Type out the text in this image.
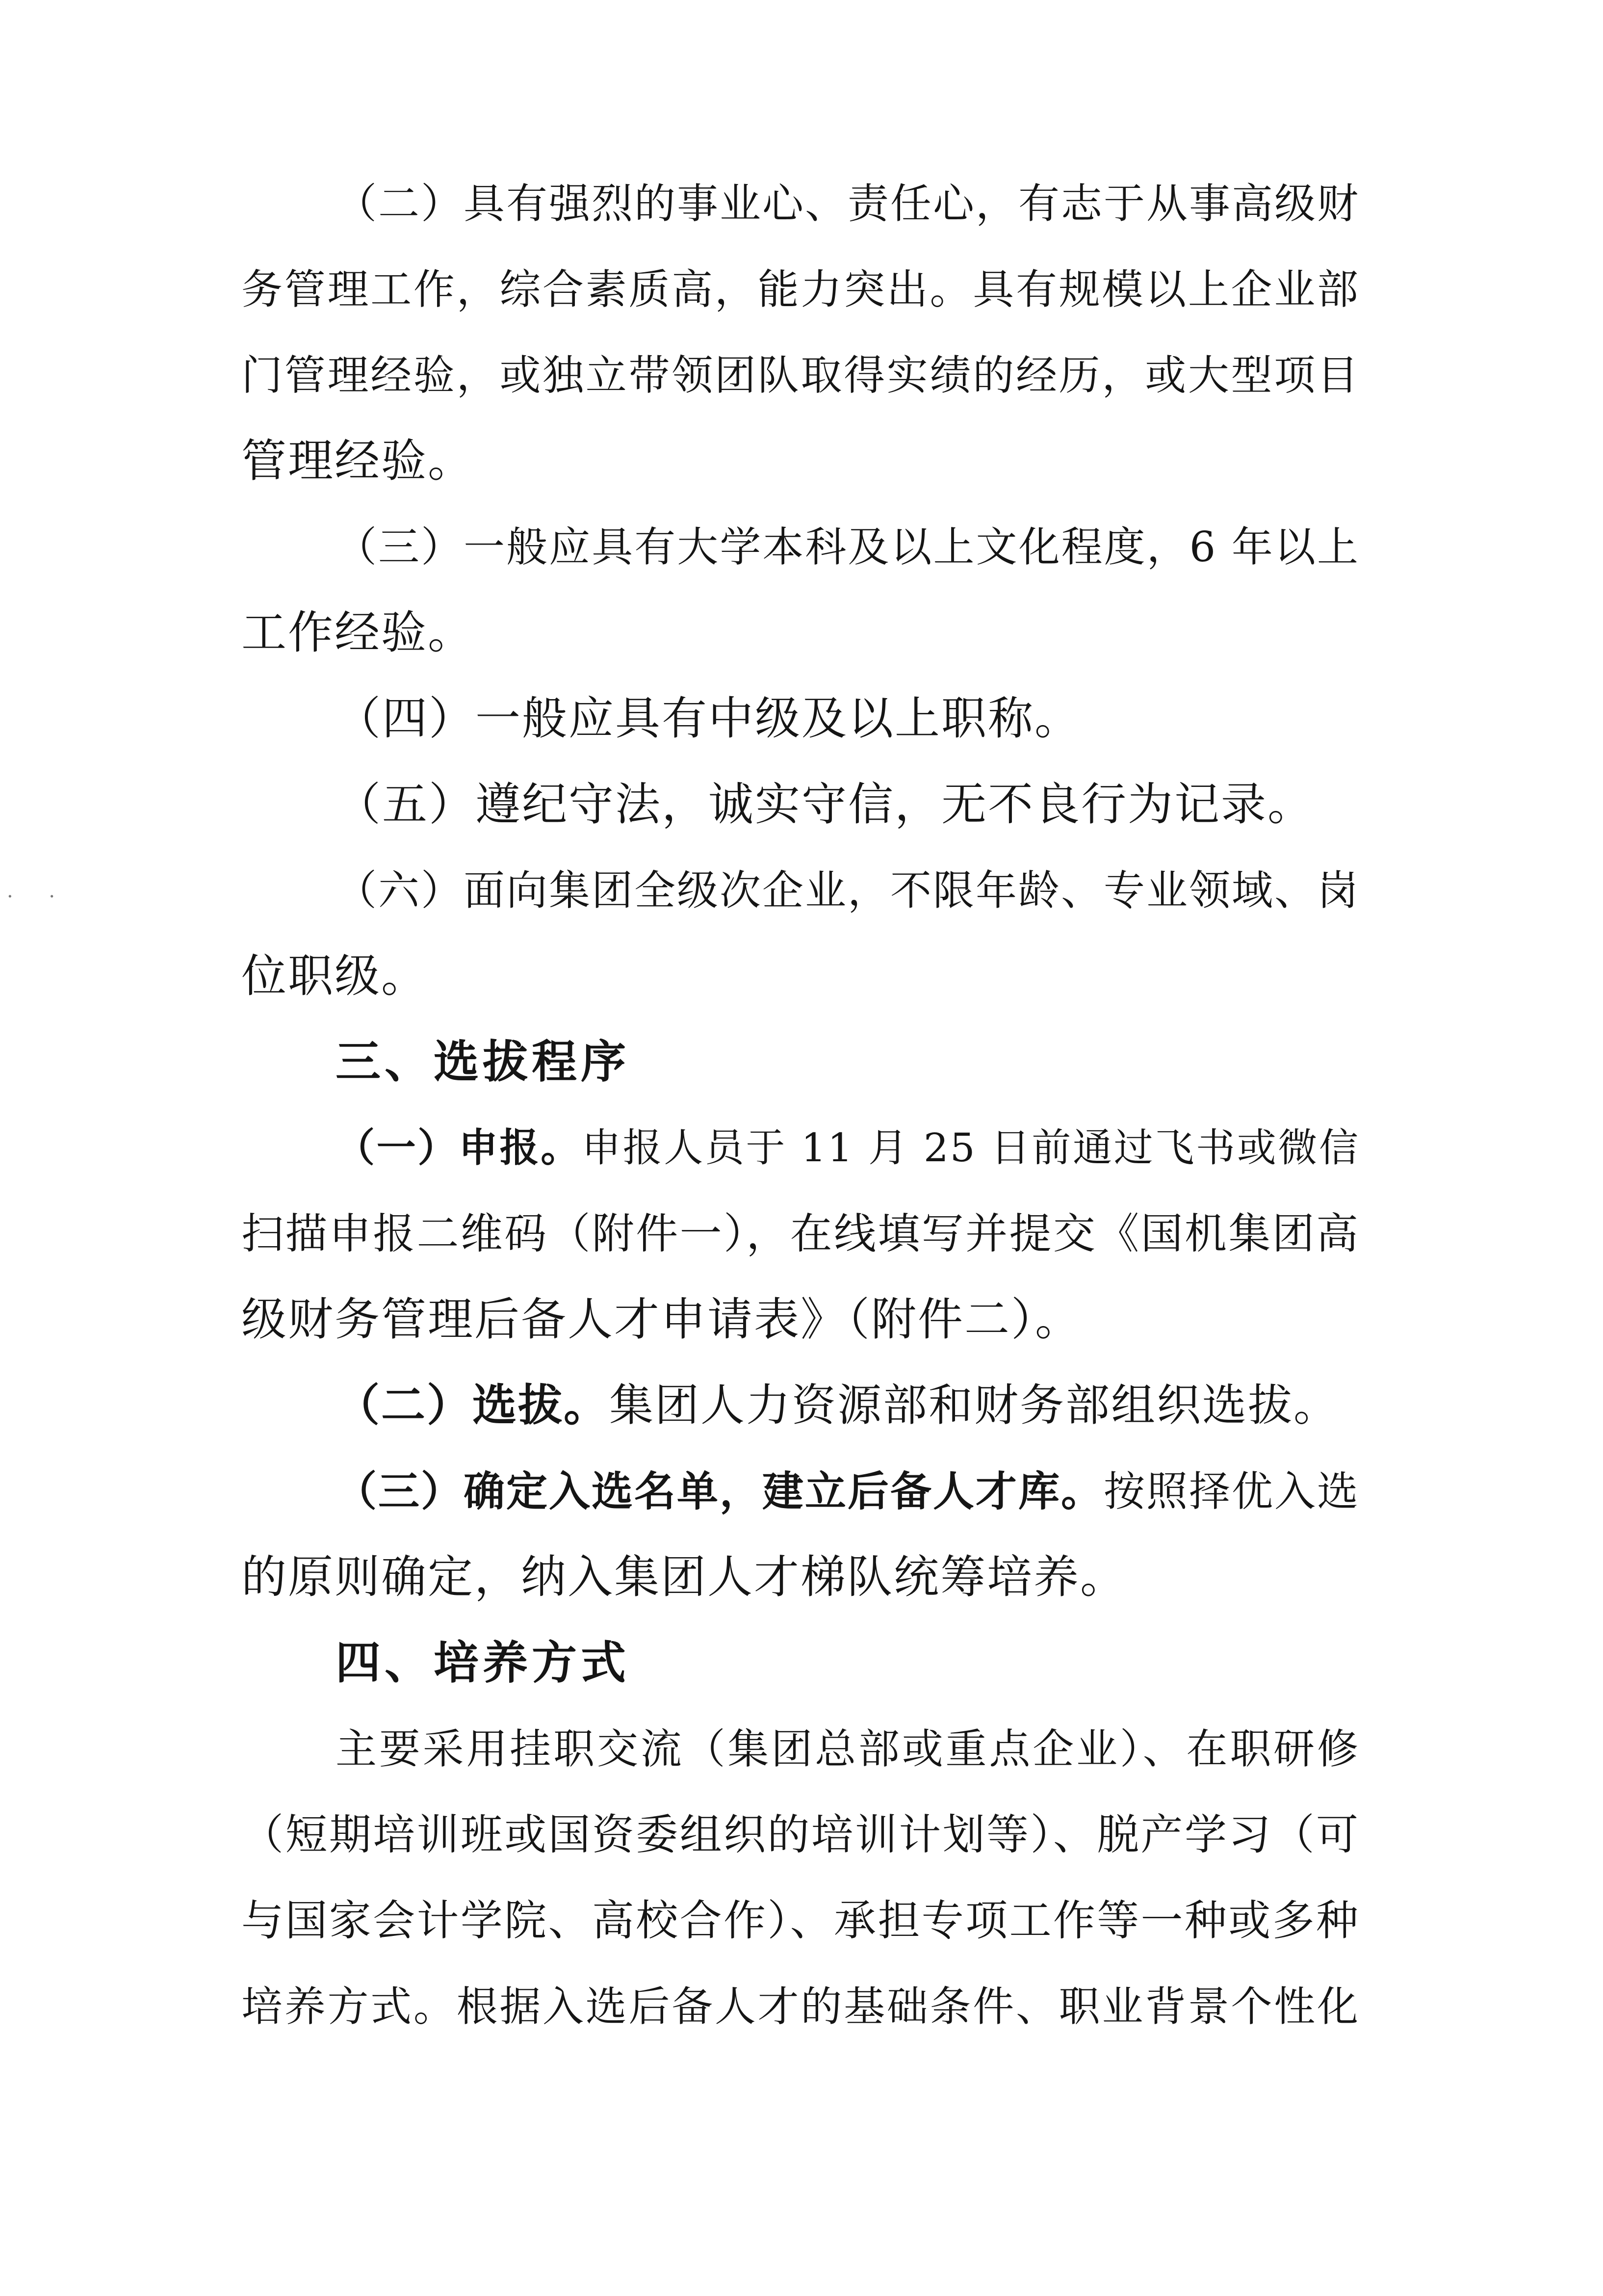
· ·
（二）具有强烈的事业心、责任心，有志于从事高级财
务管理工作，综合素质高，能力突出。具有规模以上企业部
门管理经验，或独立带领团队取得实绩的经历，或大型项目
管理经验。
（三）一般应具有大学本科及以上文化程度，6 年以上
工作经验。
（四）一般应具有中级及以上职称。
（五）遵纪守法，诚实守信，无不良行为记录。
（六）面向集团全级次企业，不限年龄、专业领域、岗
位职级。
三、选拔程序
（一）申报。申报人员于 11 月 25 日前通过飞书或微信
扫描申报二维码（附件一），在线填写并提交《国机集团高
级财务管理后备人才申请表》（附件二）。
（二）选拔。集团人力资源部和财务部组织选拔。
（三）确定入选名单，建立后备人才库。按照择优入选
的原则确定，纳入集团人才梯队统筹培养。
四、培养方式
主要采用挂职交流（集团总部或重点企业）、在职研修
（短期培训班或国资委组织的培训计划等）、脱产学习（可
与国家会计学院、高校合作）、承担专项工作等一种或多种
培养方式。根据入选后备人才的基础条件、职业背景个性化
